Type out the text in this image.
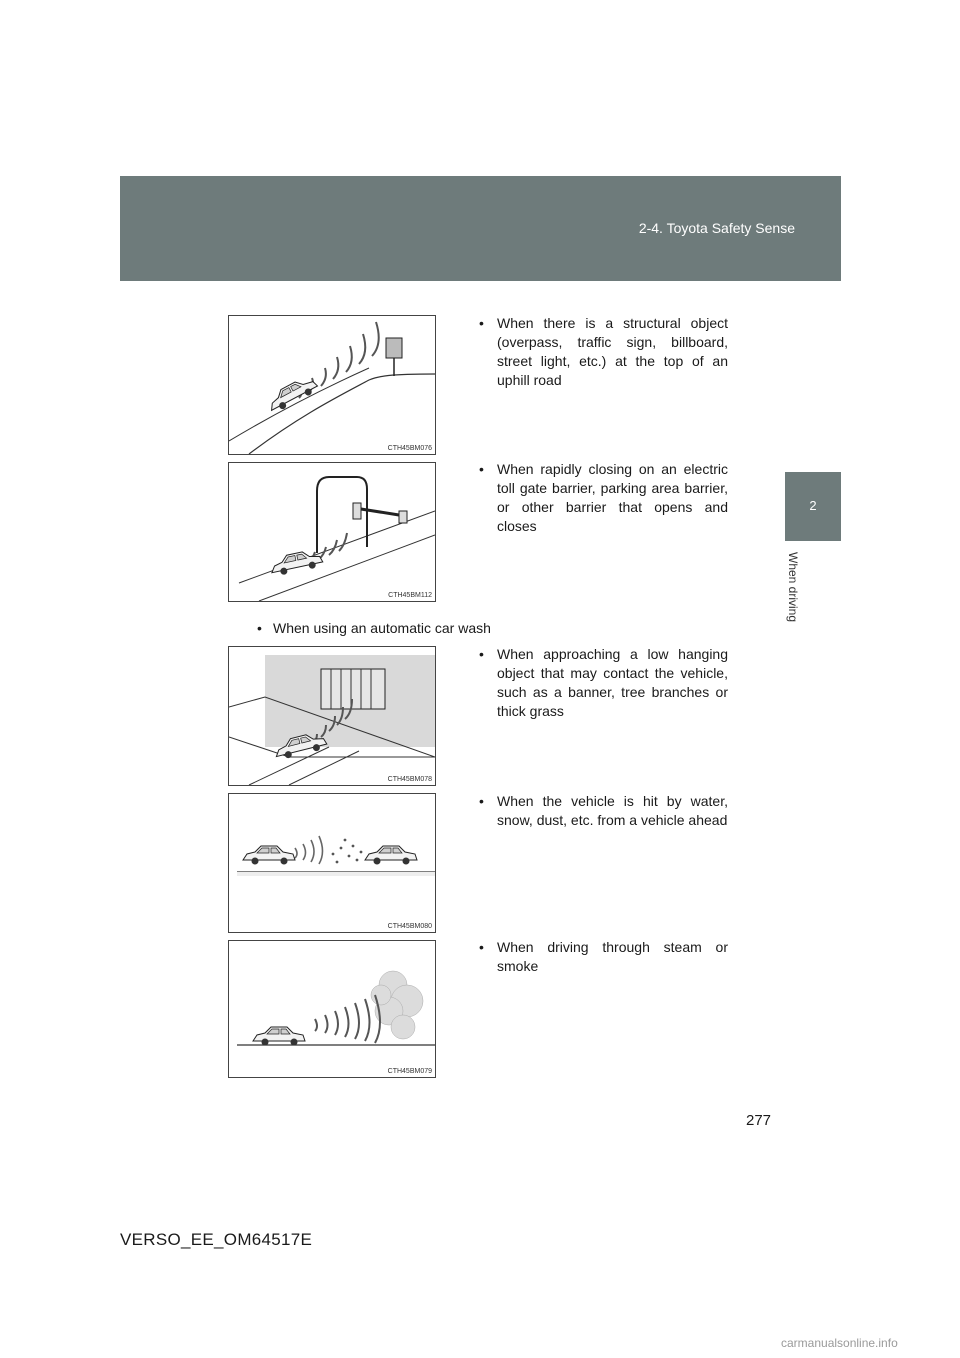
2-4. Toyota Safety Sense
2
When driving
CTH45BM076
• When there is a structural object (overpass, traffic sign, billboard, street light, etc.) at the top of an uphill road
CTH45BM112
• When rapidly closing on an electric toll gate barrier, parking area barrier, or other barrier that opens and closes
• When using an automatic car wash
CTH45BM078
• When approaching a low hanging object that may contact the vehicle, such as a banner, tree branches or thick grass
CTH45BM080
• When the vehicle is hit by water, snow, dust, etc. from a vehicle ahead
CTH45BM079
• When driving through steam or smoke
277
VERSO_EE_OM64517E
carmanualsonline.info
